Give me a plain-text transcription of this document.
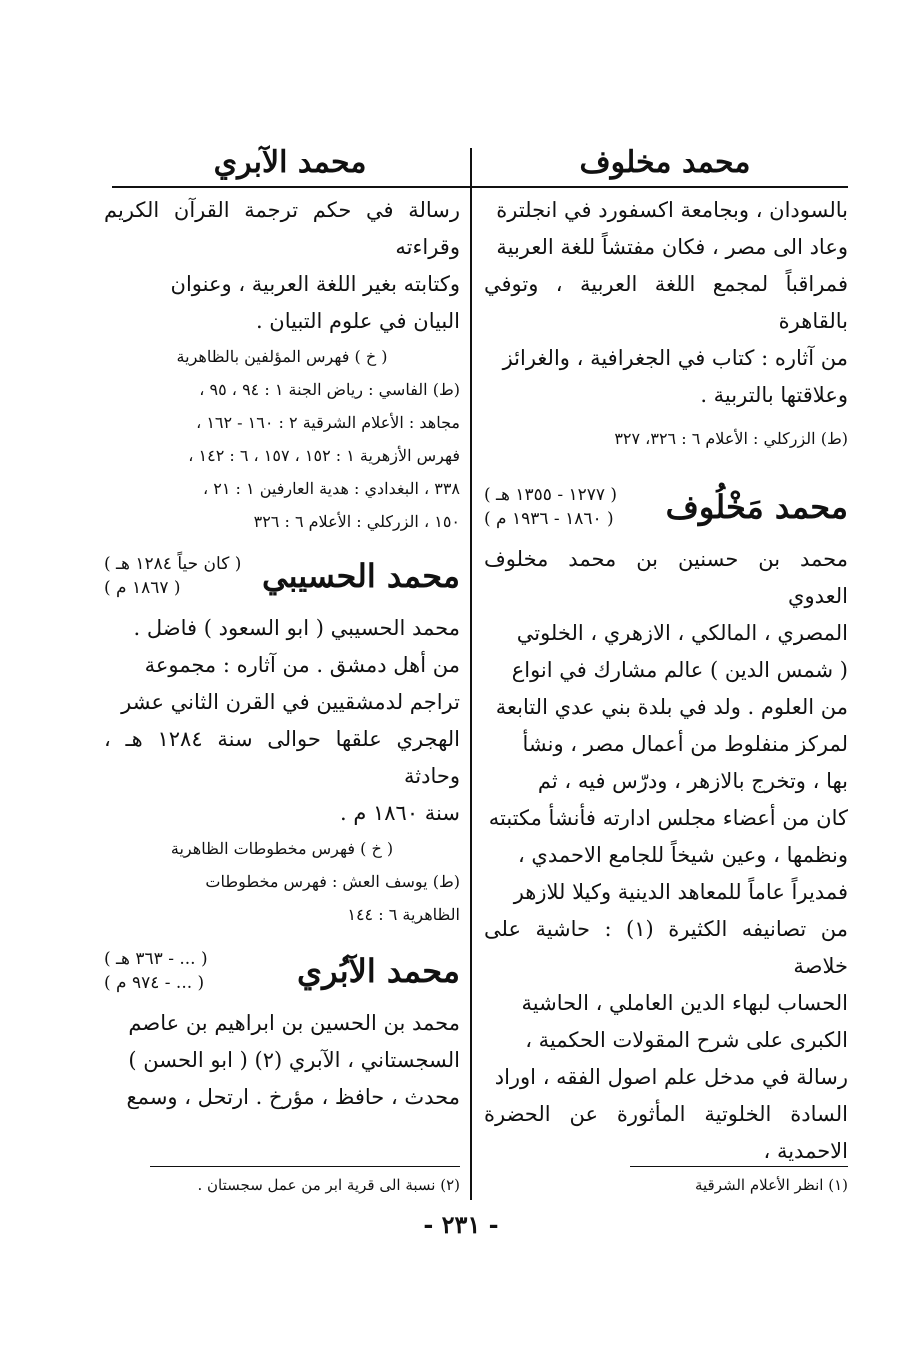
محمد مخلوف
محمد الآبري

بالسودان ، وبجامعة اكسفورد في انجلترة

وعاد الى مصر ، فكان مفتشاً للغة العربية

فمراقباً لمجمع اللغة العربية ، وتوفي بالقاهرة

من آثاره : كتاب في الجغرافية ، والغرائز

وعلاقتها بالتربية .

(ط) الزركلي : الأعلام ٦ : ٣٢٦، ٣٢٧

محمد مَخْلُوف
( ١٢٧٧ - ١٣٥٥ هـ )
( ١٨٦٠ - ١٩٣٦ م )

محمد بن حسنين بن محمد مخلوف العدوي

المصري ، المالكي ، الازهري ، الخلوتي

( شمس الدين ) عالم مشارك في انواع

من العلوم . ولد في بلدة بني عدي التابعة

لمركز منفلوط من أعمال مصر ، ونشأ

بها ، وتخرج بالازهر ، ودرّس فيه ، ثم

كان من أعضاء مجلس ادارته فأنشأ مكتبته

ونظمها ، وعين شيخاً للجامع الاحمدي ،

فمديراً عاماً للمعاهد الدينية وكيلا للازهر

من تصانيفه الكثيرة (١) : حاشية على خلاصة

الحساب لبهاء الدين العاملي ، الحاشية

الكبرى على شرح المقولات الحكمية ،

رسالة في مدخل علم اصول الفقه ، اوراد

السادة الخلوتية المأثورة عن الحضرة الاحمدية ،

(١) انظر الأعلام الشرقية

رسالة في حكم ترجمة القرآن الكريم وقراءته

وكتابته بغير اللغة العربية ، وعنوان

البيان في علوم التبيان .

( خ ) فهرس المؤلفين بالظاهرية

(ط) الفاسي : رياض الجنة ١ : ٩٤ ، ٩٥ ،

مجاهد : الأعلام الشرقية ٢ : ١٦٠ - ١٦٢ ،

فهرس الأزهرية ١ : ١٥٢ ، ١٥٧ ، ٦ : ١٤٢ ،

٣٣٨ ، البغدادي : هدية العارفين ١ : ٢١ ،

١٥٠ ، الزركلي : الأعلام ٦ : ٣٢٦

محمد الحسيبي
( كان حياً ١٢٨٤ هـ )
( ١٨٦٧ م )

محمد الحسيبي ( ابو السعود ) فاضل .

من أهل دمشق . من آثاره : مجموعة

تراجم لدمشقيين في القرن الثاني عشر

الهجري علقها حوالى سنة ١٢٨٤ هـ ، وحادثة

سنة ١٨٦٠ م .

( خ ) فهرس مخطوطات الظاهرية

(ط) يوسف العش : فهرس مخطوطات

الظاهرية ٦ : ١٤٤

محمد الآبُري
( ... - ٣٦٣ هـ )
( ... - ٩٧٤ م )

محمد بن الحسين بن ابراهيم بن عاصم

السجستاني ، الآبري (٢) ( ابو الحسن )

محدث ، حافظ ، مؤرخ . ارتحل ، وسمع

(٢) نسبة الى قرية ابر من عمل سجستان .
- ٢٣١ -
